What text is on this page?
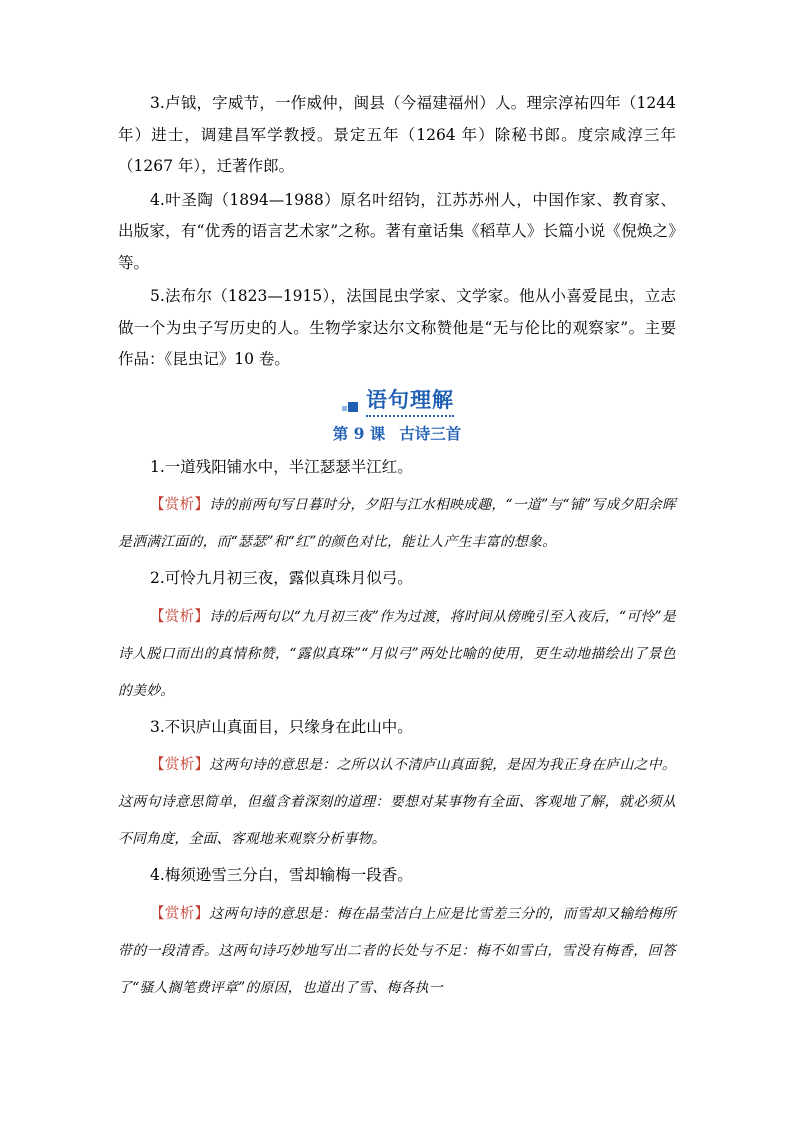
3.卢钺，字威节，一作威仲，闽县（今福建福州）人。理宗淳祐四年（1244 年）进士，调建昌军学教授。景定五年（1264 年）除秘书郎。度宗咸淳三年（1267 年），迁著作郎。

4.叶圣陶（1894—1988）原名叶绍钧，江苏苏州人，中国作家、教育家、出版家，有“优秀的语言艺术家”之称。著有童话集《稻草人》长篇小说《倪焕之》等。

5.法布尔（1823—1915），法国昆虫学家、文学家。他从小喜爱昆虫，立志做一个为虫子写历史的人。生物学家达尔文称赞他是“无与伦比的观察家”。主要作品：《昆虫记》10 卷。

语句理解
第 9 课 古诗三首

1.一道残阳铺水中，半江瑟瑟半江红。

【赏析】诗的前两句写日暮时分，夕阳与江水相映成趣，“一道”与“铺”写成夕阳余晖是洒满江面的，而“瑟瑟”和“红”的颜色对比，能让人产生丰富的想象。

2.可怜九月初三夜，露似真珠月似弓。

【赏析】诗的后两句以“九月初三夜”作为过渡，将时间从傍晚引至入夜后，“可怜”是诗人脱口而出的真情称赞，“露似真珠”“月似弓”两处比喻的使用，更生动地描绘出了景色的美妙。

3.不识庐山真面目，只缘身在此山中。

【赏析】这两句诗的意思是：之所以认不清庐山真面貌，是因为我正身在庐山之中。这两句诗意思简单，但蕴含着深刻的道理：要想对某事物有全面、客观地了解，就必须从不同角度，全面、客观地来观察分析事物。

4.梅须逊雪三分白，雪却输梅一段香。

【赏析】这两句诗的意思是：梅在晶莹洁白上应是比雪差三分的，而雪却又输给梅所带的一段清香。这两句诗巧妙地写出二者的长处与不足：梅不如雪白，雪没有梅香，回答了“骚人搁笔费评章”的原因，也道出了雪、梅各执一
